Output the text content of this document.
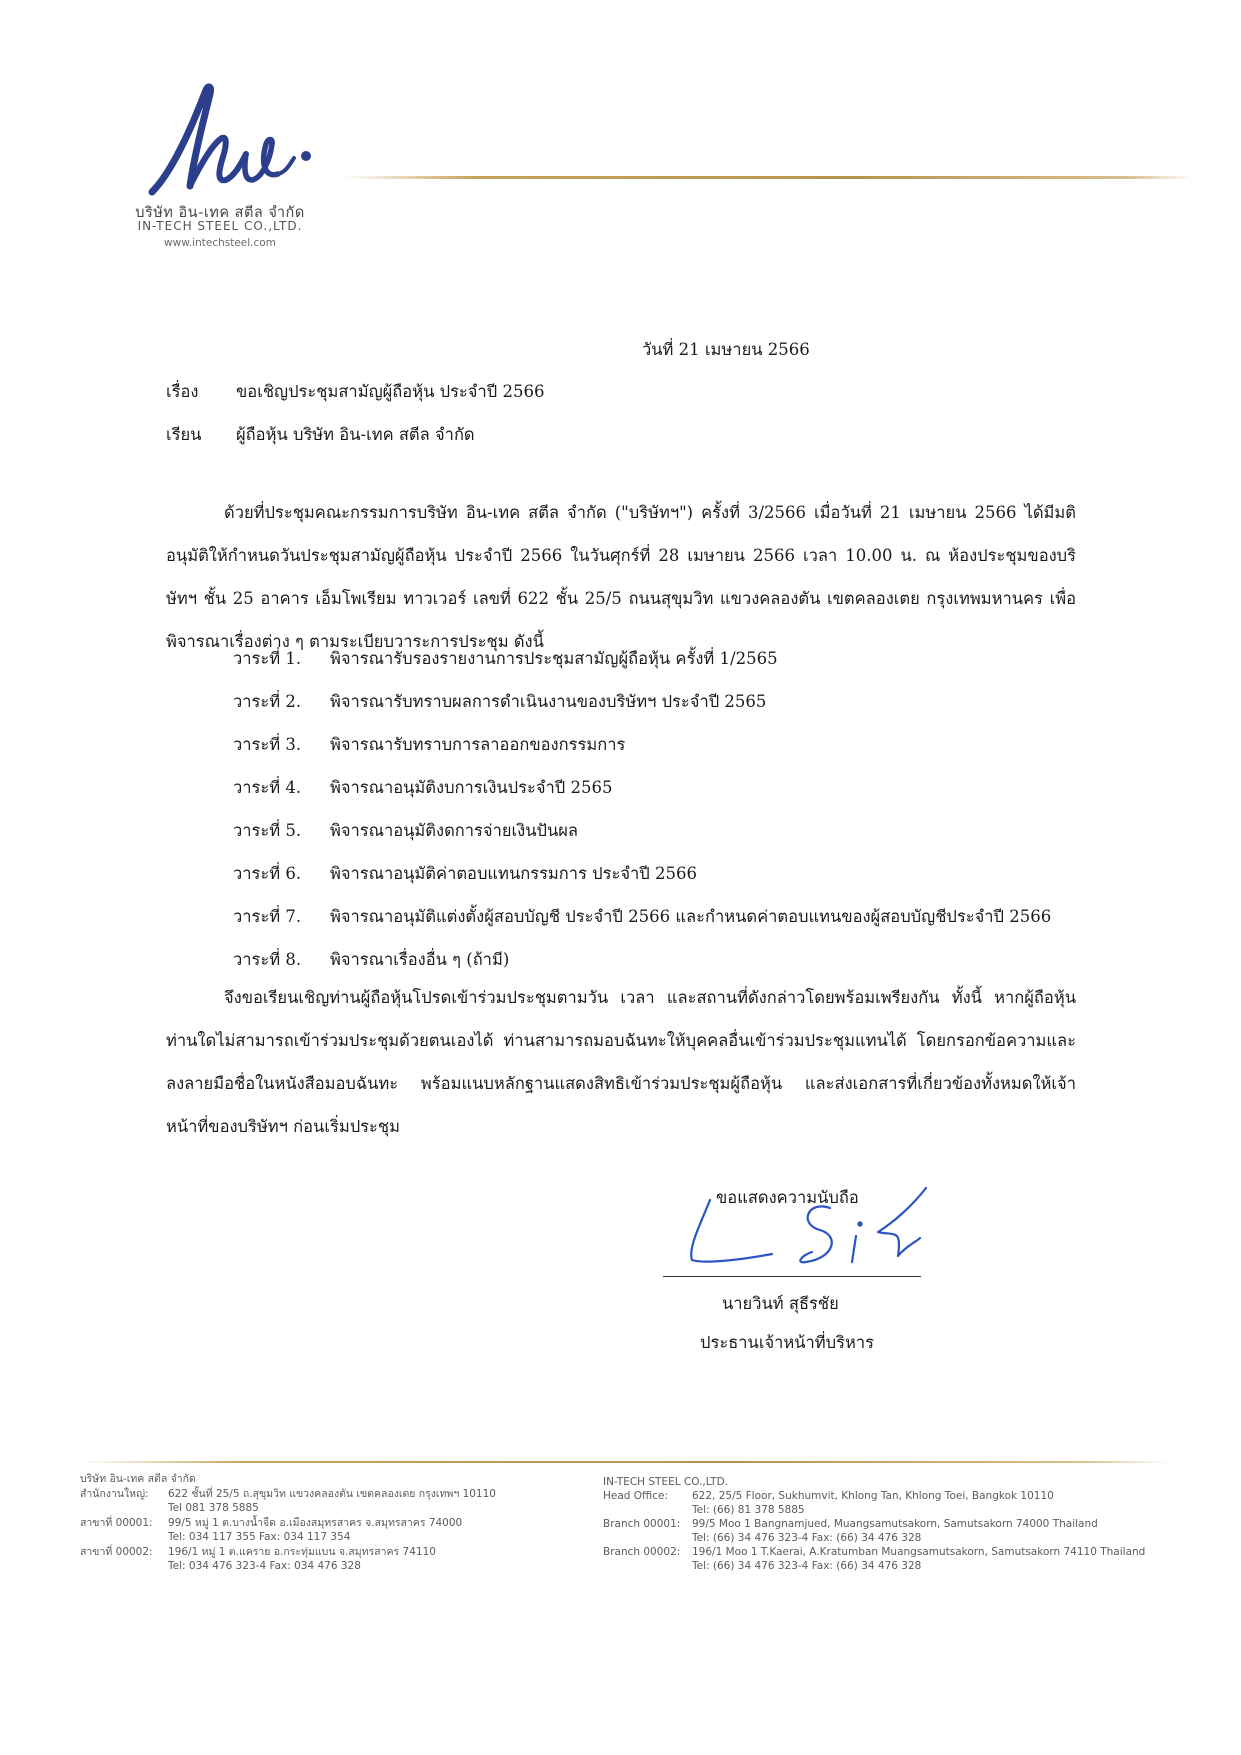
บริษัท อิน-เทค สตีล จำกัด
IN-TECH STEEL CO.,LTD.
www.intechsteel.com
วันที่ 21 เมษายน 2566
เรื่อง ขอเชิญประชุมสามัญผู้ถือหุ้น ประจำปี 2566
เรียน ผู้ถือหุ้น บริษัท อิน-เทค สตีล จำกัด
ด้วยที่ประชุมคณะกรรมการบริษัท อิน-เทค สตีล จำกัด ("บริษัทฯ") ครั้งที่ 3/2566 เมื่อวันที่ 21 เมษายน 2566 ได้มีมติอนุมัติให้กำหนดวันประชุมสามัญผู้ถือหุ้น ประจำปี 2566 ในวันศุกร์ที่ 28 เมษายน 2566 เวลา 10.00 น. ณ ห้องประชุมของบริษัทฯ ชั้น 25 อาคาร เอ็มโพเรียม ทาวเวอร์ เลขที่ 622 ชั้น 25/5 ถนนสุขุมวิท แขวงคลองตัน เขตคลองเตย กรุงเทพมหานคร เพื่อพิจารณาเรื่องต่าง ๆ ตามระเบียบวาระการประชุม ดังนี้
วาระที่ 1. พิจารณารับรองรายงานการประชุมสามัญผู้ถือหุ้น ครั้งที่ 1/2565
วาระที่ 2. พิจารณารับทราบผลการดำเนินงานของบริษัทฯ ประจำปี 2565
วาระที่ 3. พิจารณารับทราบการลาออกของกรรมการ
วาระที่ 4. พิจารณาอนุมัติงบการเงินประจำปี 2565
วาระที่ 5. พิจารณาอนุมัติงดการจ่ายเงินปันผล
วาระที่ 6. พิจารณาอนุมัติค่าตอบแทนกรรมการ ประจำปี 2566
วาระที่ 7. พิจารณาอนุมัติแต่งตั้งผู้สอบบัญชี ประจำปี 2566 และกำหนดค่าตอบแทนของผู้สอบบัญชีประจำปี 2566
วาระที่ 8. พิจารณาเรื่องอื่น ๆ (ถ้ามี)
จึงขอเรียนเชิญท่านผู้ถือหุ้นโปรดเข้าร่วมประชุมตามวัน เวลา และสถานที่ดังกล่าวโดยพร้อมเพรียงกัน ทั้งนี้ หากผู้ถือหุ้นท่านใดไม่สามารถเข้าร่วมประชุมด้วยตนเองได้ ท่านสามารถมอบฉันทะให้บุคคลอื่นเข้าร่วมประชุมแทนได้ โดยกรอกข้อความและลงลายมือชื่อในหนังสือมอบฉันทะ พร้อมแนบหลักฐานแสดงสิทธิเข้าร่วมประชุมผู้ถือหุ้น และส่งเอกสารที่เกี่ยวข้องทั้งหมดให้เจ้าหน้าที่ของบริษัทฯ ก่อนเริ่มประชุม
ขอแสดงความนับถือ
นายวินท์ สุธีรชัย
ประธานเจ้าหน้าที่บริหาร
บริษัท อิน-เทค สตีล จำกัด
สำนักงานใหญ่: 622 ชั้นที่ 25/5 ถ.สุขุมวิท แขวงคลองตัน เขตคลองเตย กรุงเทพฯ 10110
Tel 081 378 5885
สาขาที่ 00001: 99/5 หมู่ 1 ต.บางน้ำจืด อ.เมืองสมุทรสาคร จ.สมุทรสาคร 74000
Tel: 034 117 355 Fax: 034 117 354
สาขาที่ 00002: 196/1 หมู่ 1 ต.แคราย อ.กระทุ่มแบน จ.สมุทรสาคร 74110
Tel: 034 476 323-4 Fax: 034 476 328
IN-TECH STEEL CO.,LTD.
Head Office: 622, 25/5 Floor, Sukhumvit, Khlong Tan, Khlong Toei, Bangkok 10110
Tel: (66) 81 378 5885
Branch 00001: 99/5 Moo 1 Bangnamjued, Muangsamutsakorn, Samutsakorn 74000 Thailand
Tel: (66) 34 476 323-4 Fax: (66) 34 476 328
Branch 00002: 196/1 Moo 1 T.Kaerai, A.Kratumban Muangsamutsakorn, Samutsakorn 74110 Thailand
Tel: (66) 34 476 323-4 Fax: (66) 34 476 328
